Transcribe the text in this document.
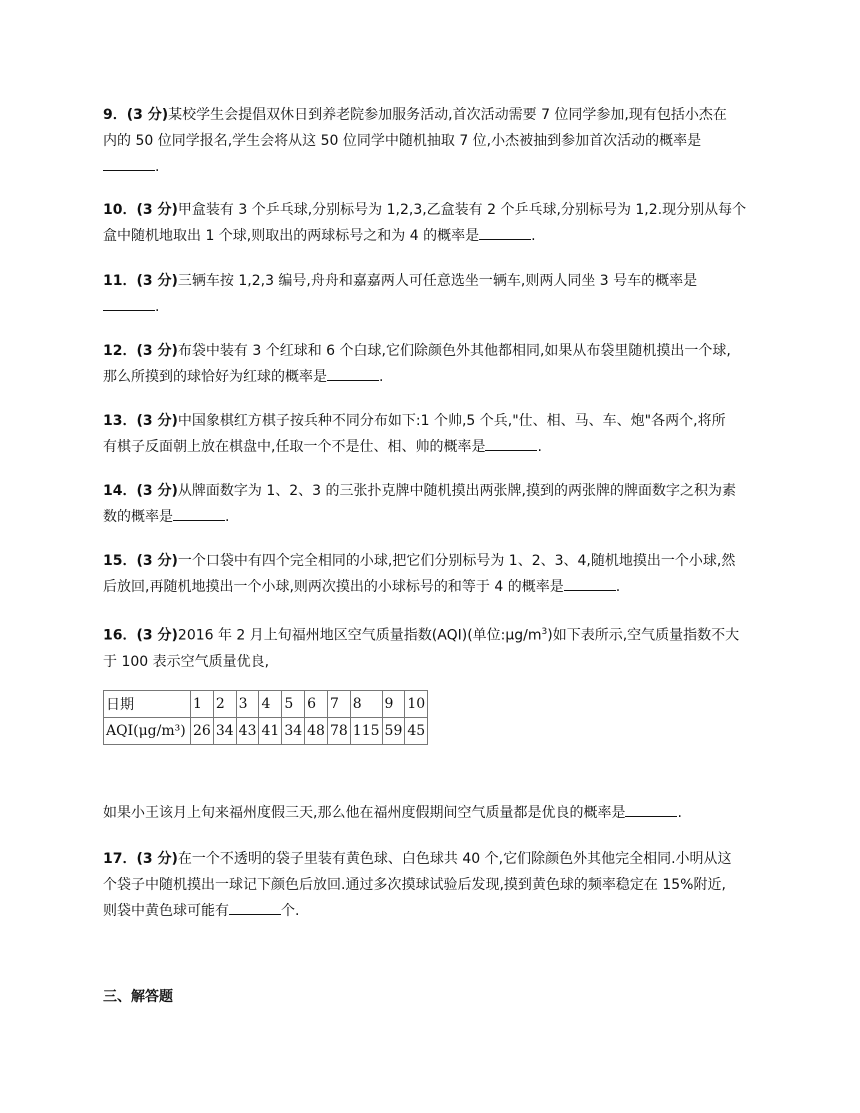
9．(3 分)某校学生会提倡双休日到养老院参加服务活动,首次活动需要 7 位同学参加,现有包括小杰在

内的 50 位同学报名,学生会将从这 50 位同学中随机抽取 7 位,小杰被抽到参加首次活动的概率是

.

10．(3 分)甲盒装有 3 个乒乓球,分别标号为 1,2,3,乙盒装有 2 个乒乓球,分别标号为 1,2.现分别从每个

盒中随机地取出 1 个球,则取出的两球标号之和为 4 的概率是	.

11．(3 分)三辆车按 1,2,3 编号,舟舟和嘉嘉两人可任意选坐一辆车,则两人同坐 3 号车的概率是

.

12．(3 分)布袋中装有 3 个红球和 6 个白球,它们除颜色外其他都相同,如果从布袋里随机摸出一个球,

那么所摸到的球恰好为红球的概率是	.

13．(3 分)中国象棋红方棋子按兵种不同分布如下:1 个帅,5 个兵,"仕、相、马、车、炮"各两个,将所

有棋子反面朝上放在棋盘中,任取一个不是仕、相、帅的概率是	.

14．(3 分)从牌面数字为 1、2、3 的三张扑克牌中随机摸出两张牌,摸到的两张牌的牌面数字之积为素

数的概率是	.

15．(3 分)一个口袋中有四个完全相同的小球,把它们分别标号为 1、2、3、4,随机地摸出一个小球,然

后放回,再随机地摸出一个小球,则两次摸出的小球标号的和等于 4 的概率是	.

16．(3 分)2016 年 2 月上旬福州地区空气质量指数(AQI)(单位$:\mu g/m^3$)如下表所示,空气质量指数不大

于 100 表示空气质量优良,

日期	1	2	3	4	5	6	7	8	9	10
AQI(μg/m³)	26	34	43	41	34	48	78	115	59	45

如果小王该月上旬来福州度假三天,那么他在福州度假期间空气质量都是优良的概率是	.

17．(3 分)在一个不透明的袋子里装有黄色球、白色球共 40 个,它们除颜色外其他完全相同.小明从这

个袋子中随机摸出一球记下颜色后放回.通过多次摸球试验后发现,摸到黄色球的频率稳定在 15%附近,

则袋中黄色球可能有	个.

三、解答题
